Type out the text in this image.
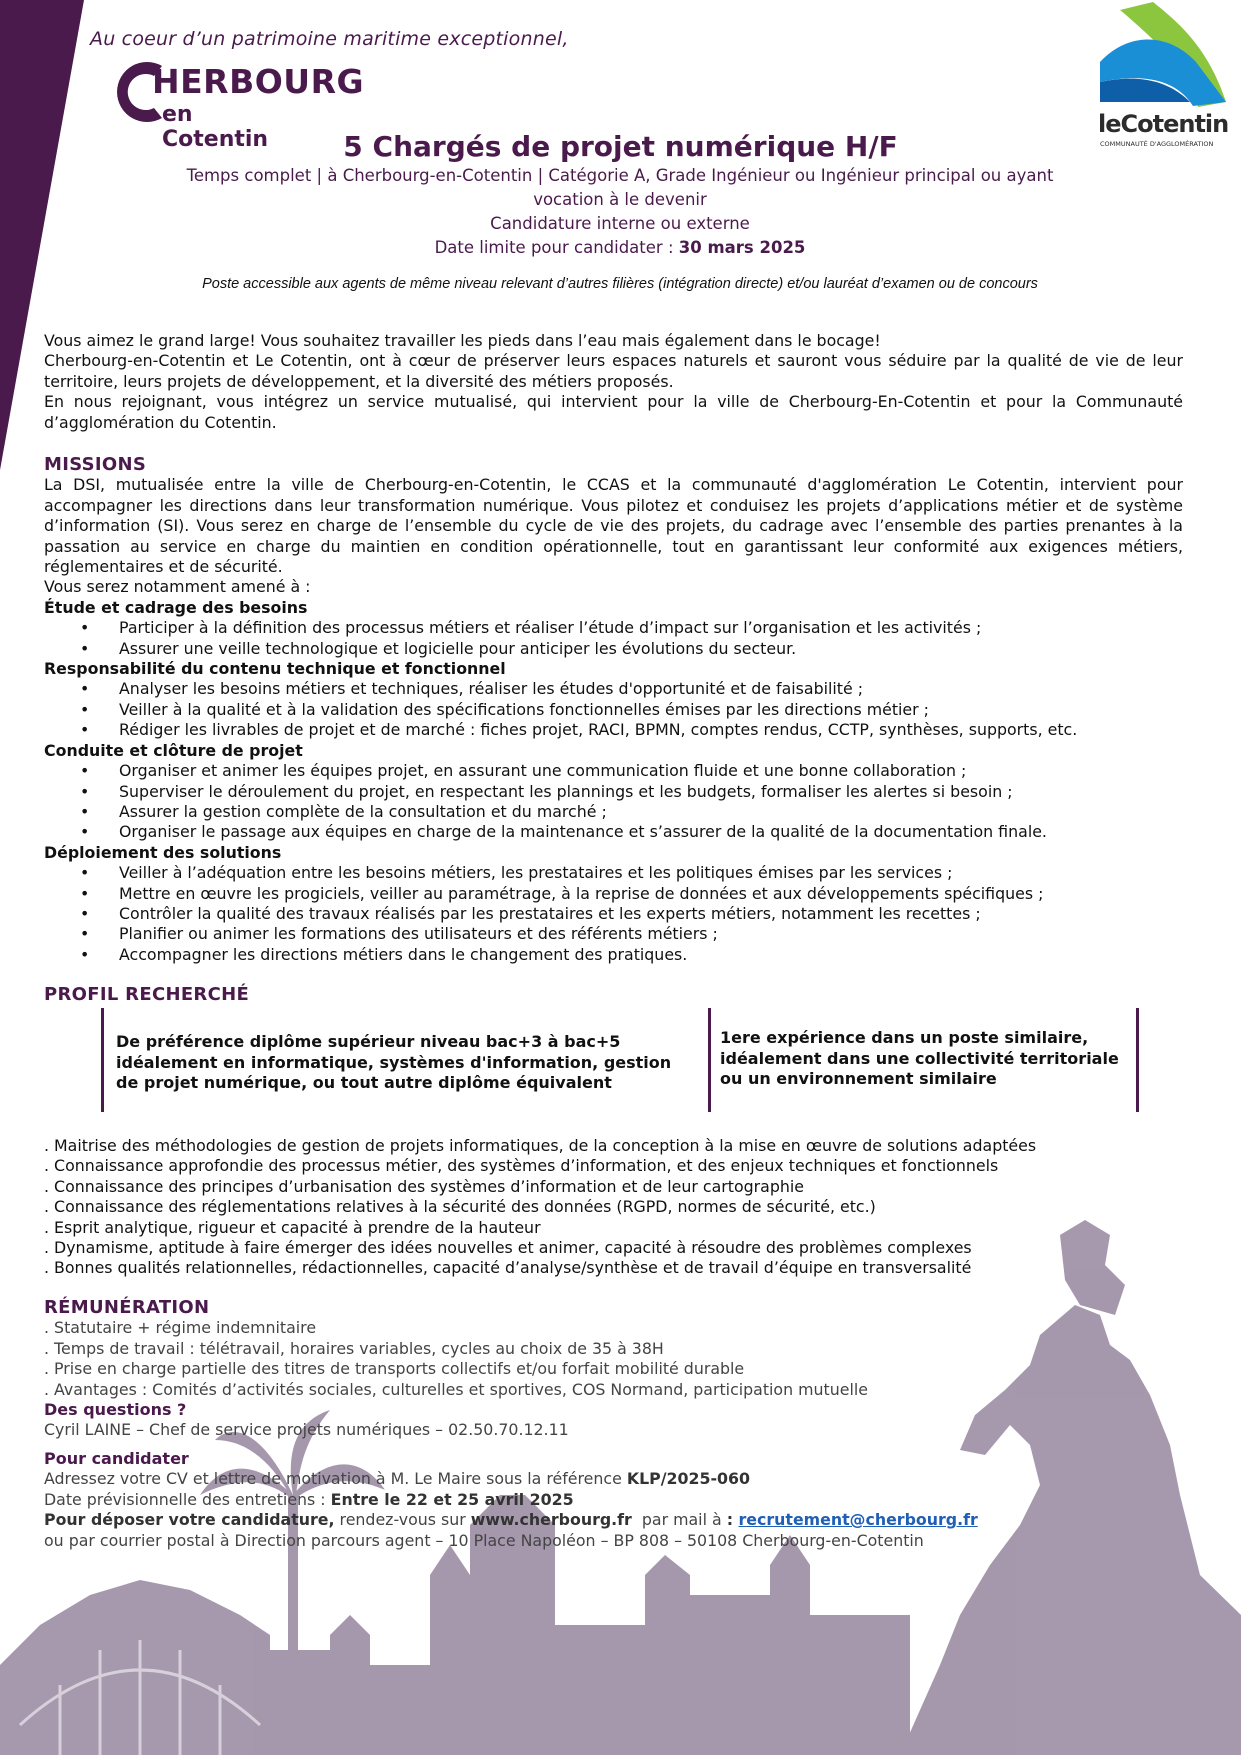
Au coeur d’un patrimoine maritime exceptionnel,
HERBOURG
en Cotentin
leCotentin
COMMUNAUTÉ D'AGGLOMÉRATION
5 Chargés de projet numérique H/F
Temps complet | à Cherbourg-en-Cotentin | Catégorie A, Grade Ingénieur ou Ingénieur principal ou ayant
vocation à le devenir
Candidature interne ou externe
Date limite pour candidater : 30 mars 2025
Poste accessible aux agents de même niveau relevant d’autres filières (intégration directe) et/ou lauréat d’examen ou de concours
Vous aimez le grand large! Vous souhaitez travailler les pieds dans l’eau mais également dans le bocage!
Cherbourg-en-Cotentin et Le Cotentin, ont à cœur de préserver leurs espaces naturels et sauront vous séduire par la qualité de vie de leur territoire, leurs projets de développement, et la diversité des métiers proposés.
En nous rejoignant, vous intégrez un service mutualisé, qui intervient pour la ville de Cherbourg-En-Cotentin et pour la Communauté d’agglomération du Cotentin.
MISSIONS
La DSI, mutualisée entre la ville de Cherbourg-en-Cotentin, le CCAS et la communauté d'agglomération Le Cotentin, intervient pour accompagner les directions dans leur transformation numérique. Vous pilotez et conduisez les projets d’applications métier et de système d’information (SI). Vous serez en charge de l’ensemble du cycle de vie des projets, du cadrage avec l’ensemble des parties prenantes à la passation au service en charge du maintien en condition opérationnelle, tout en garantissant leur conformité aux exigences métiers, réglementaires et de sécurité.
Vous serez notamment amené à :
Étude et cadrage des besoins
• Participer à la définition des processus métiers et réaliser l’étude d’impact sur l’organisation et les activités ;
• Assurer une veille technologique et logicielle pour anticiper les évolutions du secteur.
Responsabilité du contenu technique et fonctionnel
• Analyser les besoins métiers et techniques, réaliser les études d'opportunité et de faisabilité ;
• Veiller à la qualité et à la validation des spécifications fonctionnelles émises par les directions métier ;
• Rédiger les livrables de projet et de marché : fiches projet, RACI, BPMN, comptes rendus, CCTP, synthèses, supports, etc.
Conduite et clôture de projet
• Organiser et animer les équipes projet, en assurant une communication fluide et une bonne collaboration ;
• Superviser le déroulement du projet, en respectant les plannings et les budgets, formaliser les alertes si besoin ;
• Assurer la gestion complète de la consultation et du marché ;
• Organiser le passage aux équipes en charge de la maintenance et s’assurer de la qualité de la documentation finale.
Déploiement des solutions
• Veiller à l’adéquation entre les besoins métiers, les prestataires et les politiques émises par les services ;
• Mettre en œuvre les progiciels, veiller au paramétrage, à la reprise de données et aux développements spécifiques ;
• Contrôler la qualité des travaux réalisés par les prestataires et les experts métiers, notamment les recettes ;
• Planifier ou animer les formations des utilisateurs et des référents métiers ;
• Accompagner les directions métiers dans le changement des pratiques.
PROFIL RECHERCHÉ
De préférence diplôme supérieur niveau bac+3 à bac+5 idéalement en informatique, systèmes d'information, gestion de projet numérique, ou tout autre diplôme équivalent
1ere expérience dans un poste similaire, idéalement dans une collectivité territoriale ou un environnement similaire
. Maitrise des méthodologies de gestion de projets informatiques, de la conception à la mise en œuvre de solutions adaptées
. Connaissance approfondie des processus métier, des systèmes d’information, et des enjeux techniques et fonctionnels
. Connaissance des principes d’urbanisation des systèmes d’information et de leur cartographie
. Connaissance des réglementations relatives à la sécurité des données (RGPD, normes de sécurité, etc.)
. Esprit analytique, rigueur et capacité à prendre de la hauteur
. Dynamisme, aptitude à faire émerger des idées nouvelles et animer, capacité à résoudre des problèmes complexes
. Bonnes qualités relationnelles, rédactionnelles, capacité d’analyse/synthèse et de travail d’équipe en transversalité
RÉMUNÉRATION
. Statutaire + régime indemnitaire
. Temps de travail : télétravail, horaires variables, cycles au choix de 35 à 38H
. Prise en charge partielle des titres de transports collectifs et/ou forfait mobilité durable
. Avantages : Comités d’activités sociales, culturelles et sportives, COS Normand, participation mutuelle
Des questions ?
Cyril LAINE – Chef de service projets numériques – 02.50.70.12.11
Pour candidater
Adressez votre CV et lettre de motivation à M. Le Maire sous la référence KLP/2025-060
Date prévisionnelle des entretiens : Entre le 22 et 25 avril 2025
Pour déposer votre candidature, rendez-vous sur www.cherbourg.fr  par mail à : recrutement@cherbourg.fr
ou par courrier postal à Direction parcours agent – 10 Place Napoléon – BP 808 – 50108 Cherbourg-en-Cotentin
